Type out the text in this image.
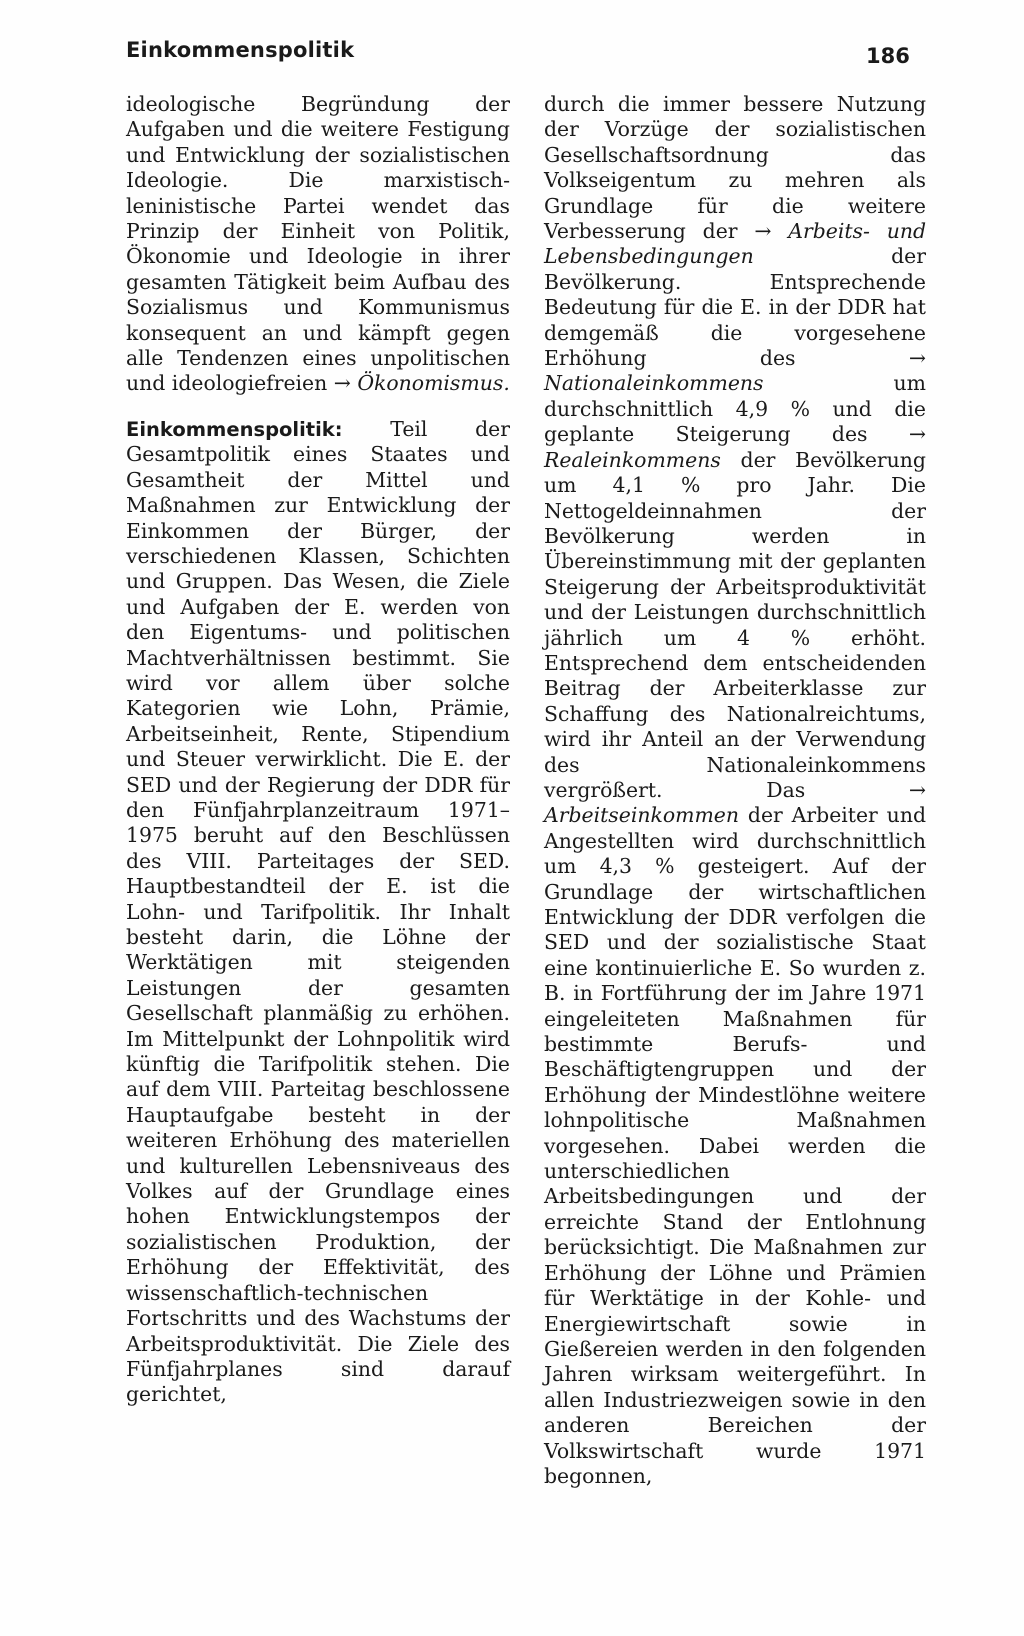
Einkommenspolitik	186

ideologische Begründung der Aufgaben und die weitere Festigung und Entwicklung der sozialistischen Ideologie. Die marxistisch-leninistische Partei wendet das Prinzip der Einheit von Politik, Ökonomie und Ideologie in ihrer gesamten Tätigkeit beim Aufbau des Sozialismus und Kommunismus konsequent an und kämpft gegen alle Tendenzen eines unpolitischen und ideologiefreien → Ökonomismus.

Einkommenspolitik: Teil der Gesamtpolitik eines Staates und Gesamtheit der Mittel und Maßnahmen zur Entwicklung der Einkommen der Bürger, der verschiedenen Klassen, Schichten und Gruppen. Das Wesen, die Ziele und Aufgaben der E. werden von den Eigentums- und politischen Machtverhältnissen bestimmt. Sie wird vor allem über solche Kategorien wie Lohn, Prämie, Arbeitseinheit, Rente, Stipendium und Steuer verwirklicht. Die E. der SED und der Regierung der DDR für den Fünfjahrplanzeitraum 1971–1975 beruht auf den Beschlüssen des VIII. Parteitages der SED. Hauptbestandteil der E. ist die Lohn- und Tarifpolitik. Ihr Inhalt besteht darin, die Löhne der Werktätigen mit steigenden Leistungen der gesamten Gesellschaft planmäßig zu erhöhen. Im Mittelpunkt der Lohnpolitik wird künftig die Tarifpolitik stehen. Die auf dem VIII. Parteitag beschlossene Hauptaufgabe besteht in der weiteren Erhöhung des materiellen und kulturellen Lebensniveaus des Volkes auf der Grundlage eines hohen Entwicklungstempos der sozialistischen Produktion, der Erhöhung der Effektivität, des wissenschaftlich-technischen Fortschritts und des Wachstums der Arbeitsproduktivität. Die Ziele des Fünfjahrplanes sind darauf gerichtet,

durch die immer bessere Nutzung der Vorzüge der sozialistischen Gesellschaftsordnung das Volkseigentum zu mehren als Grundlage für die weitere Verbesserung der → Arbeits- und Lebensbedingungen	der Bevölkerung. Entsprechende Bedeutung für die E. in der DDR hat demgemäß die vorgesehene Erhöhung des	→ Nationaleinkommens	um durchschnittlich 4,9 % und die geplante Steigerung des → Realeinkommens der Bevölkerung um 4,1 % pro Jahr. Die Nettogeldeinnahmen der Bevölkerung werden in Übereinstimmung mit der geplanten Steigerung der Arbeitsproduktivität und der Leistungen durchschnittlich jährlich um 4 % erhöht. Entsprechend dem entscheidenden Beitrag der Arbeiterklasse zur Schaffung des Nationalreichtums, wird ihr Anteil an der Verwendung des Nationaleinkommens vergrößert. Das	→ Arbeitseinkommen der Arbeiter und Angestellten wird durchschnittlich um 4,3 % gesteigert. Auf der Grundlage der wirtschaftlichen Entwicklung der DDR verfolgen die SED und der sozialistische Staat eine kontinuierliche E. So wurden z. B. in Fortführung der im Jahre 1971 eingeleiteten Maßnahmen für bestimmte Berufs- und Beschäftigtengruppen und der Erhöhung der Mindestlöhne weitere lohnpolitische Maßnahmen vorgesehen. Dabei werden die unterschiedlichen Arbeitsbedingungen und der erreichte Stand der Entlohnung berücksichtigt. Die Maßnahmen zur Erhöhung der Löhne und Prämien für Werktätige in der Kohle- und Energiewirtschaft sowie in Gießereien werden in den folgenden Jahren wirksam weitergeführt. In allen Industriezweigen sowie in den anderen Bereichen der Volkswirtschaft wurde 1971 begonnen,
